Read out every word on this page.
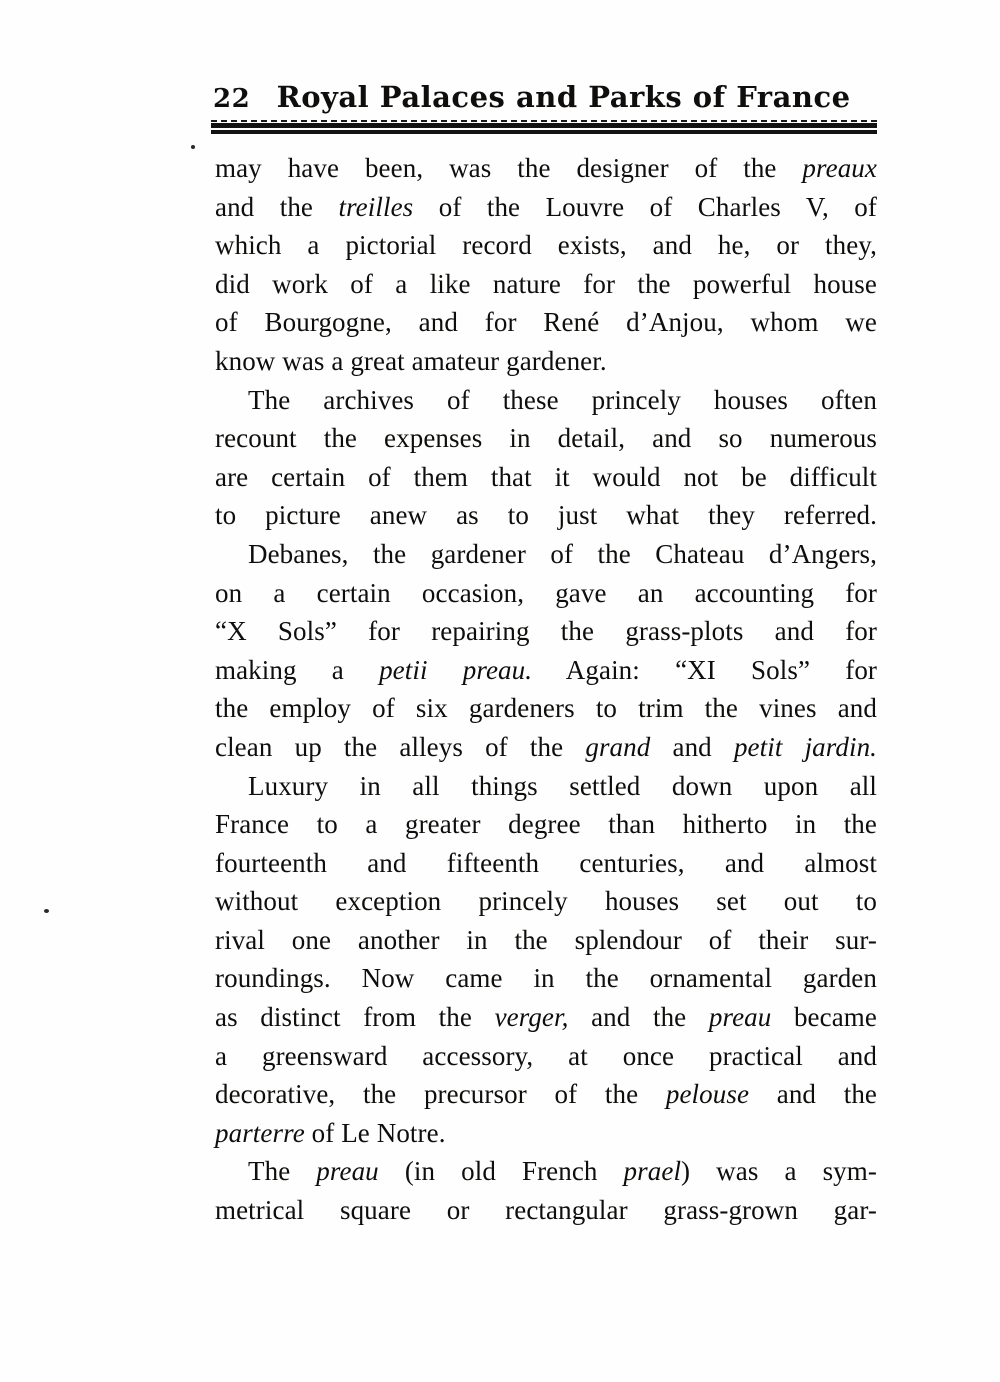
22 Royal Palaces and Parks of France
may have been, was the designer of the preaux
and the treilles of the Louvre of Charles V, of
which a pictorial record exists, and he, or they,
did work of a like nature for the powerful house
of Bourgogne, and for René d’Anjou, whom we
know was a great amateur gardener.
The archives of these princely houses often
recount the expenses in detail, and so numerous
are certain of them that it would not be difficult
to picture anew as to just what they referred.
Debanes, the gardener of the Chateau d’Angers,
on a certain occasion, gave an accounting for
“X Sols” for repairing the grass-plots and for
making a petii preau. Again: “XI Sols” for
the employ of six gardeners to trim the vines and
clean up the alleys of the grand and petit jardin.
Luxury in all things settled down upon all
France to a greater degree than hitherto in the
fourteenth and fifteenth centuries, and almost
without exception princely houses set out to
rival one another in the splendour of their sur-
roundings. Now came in the ornamental garden
as distinct from the verger, and the preau became
a greensward accessory, at once practical and
decorative, the precursor of the pelouse and the
parterre of Le Notre.
The preau (in old French prael) was a sym-
metrical square or rectangular grass-grown gar-
